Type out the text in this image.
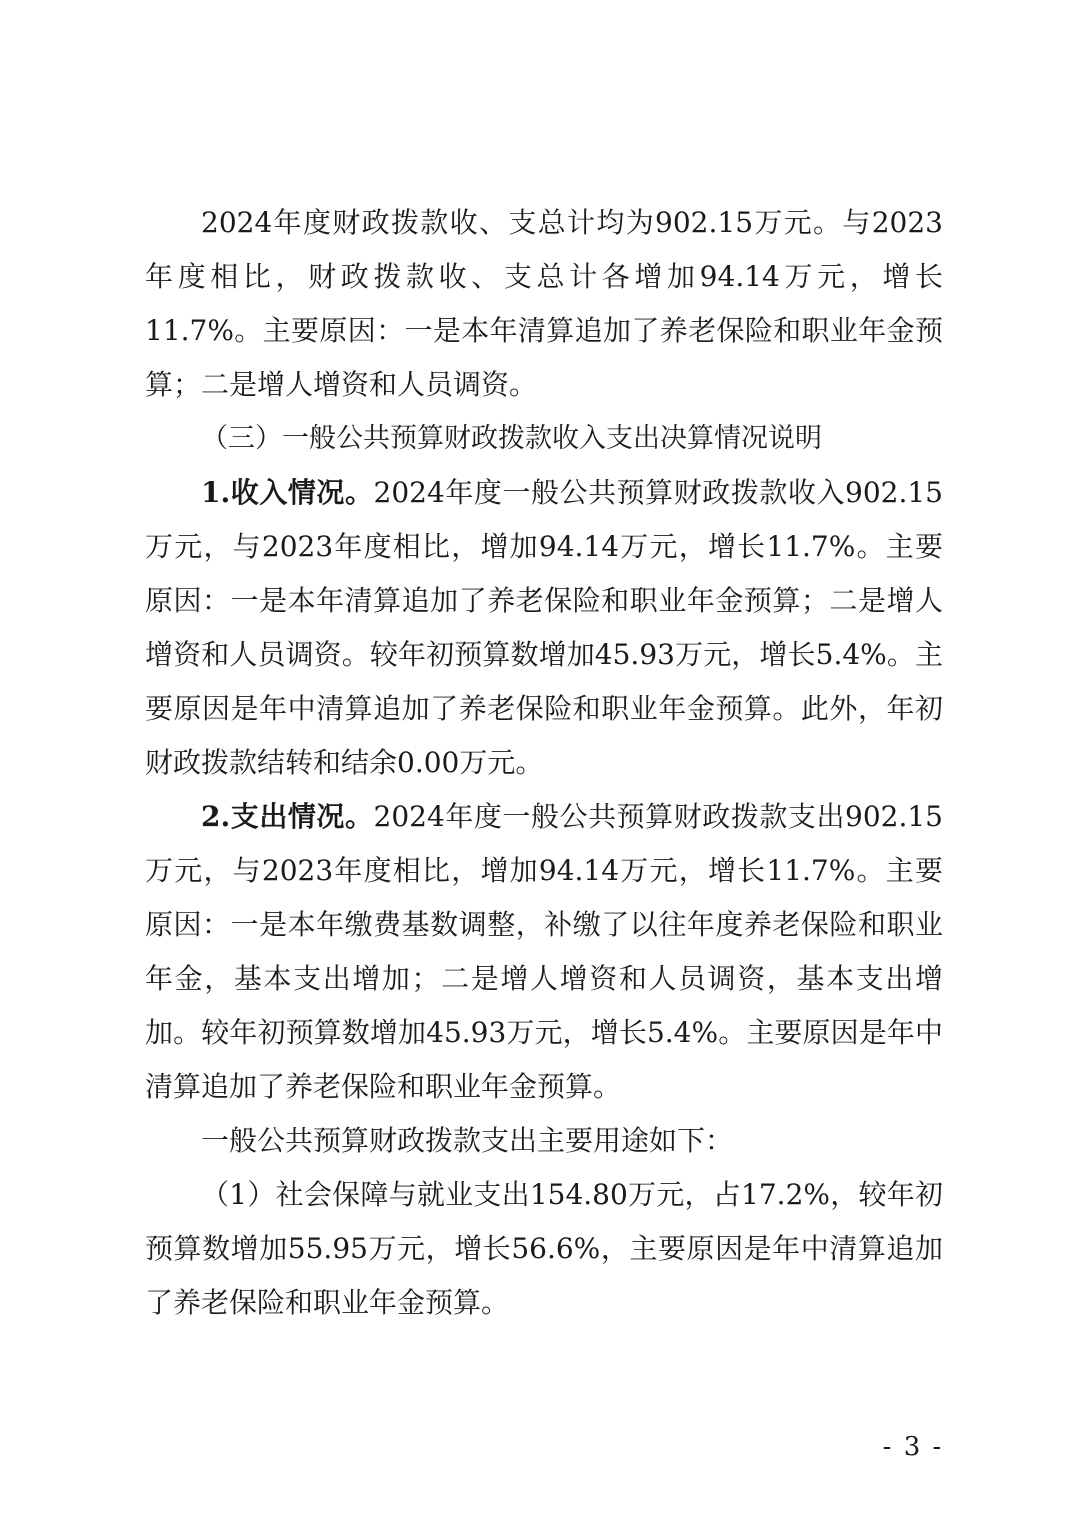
2024年度财政拨款收、支总计均为902.15万元。与2023年度相比，财政拨款收、支总计各增加94.14万元，增长11.7%。主要原因：一是本年清算追加了养老保险和职业年金预算；二是增人增资和人员调资。

（三）一般公共预算财政拨款收入支出决算情况说明

1.收入情况。2024年度一般公共预算财政拨款收入902.15万元，与2023年度相比，增加94.14万元，增长11.7%。主要原因：一是本年清算追加了养老保险和职业年金预算；二是增人增资和人员调资。较年初预算数增加45.93万元，增长5.4%。主要原因是年中清算追加了养老保险和职业年金预算。此外，年初财政拨款结转和结余0.00万元。

2.支出情况。2024年度一般公共预算财政拨款支出902.15万元，与2023年度相比，增加94.14万元，增长11.7%。主要原因：一是本年缴费基数调整，补缴了以往年度养老保险和职业年金，基本支出增加；二是增人增资和人员调资，基本支出增加。较年初预算数增加45.93万元，增长5.4%。主要原因是年中清算追加了养老保险和职业年金预算。

一般公共预算财政拨款支出主要用途如下：

（1）社会保障与就业支出154.80万元，占17.2%，较年初预算数增加55.95万元，增长56.6%，主要原因是年中清算追加了养老保险和职业年金预算。

- 3 -
